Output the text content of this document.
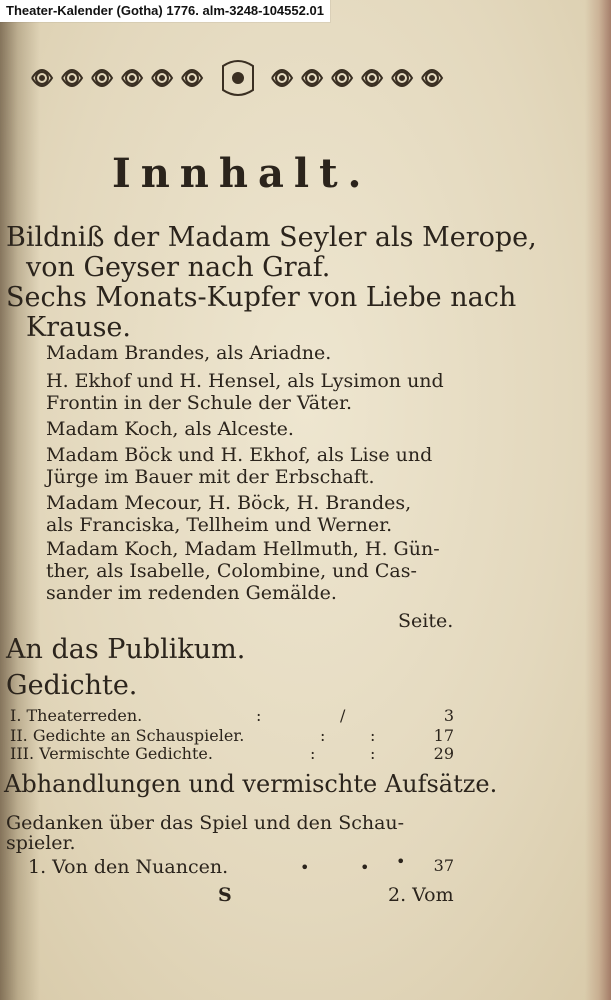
Theater-Kalender (Gotha) 1776. alm-3248-104552.01
Innhalt.
Bildniß der Madam Seyler als Merope,
von Geyser nach Graf.
Sechs Monats-Kupfer von Liebe nach
Krause.
Madam Brandes, als Ariadne.
H. Ekhof und H. Hensel, als Lysimon und
Frontin in der Schule der Väter.
Madam Koch, als Alceste.
Madam Böck und H. Ekhof, als Lise und
Jürge im Bauer mit der Erbschaft.
Madam Mecour, H. Böck, H. Brandes,
als Franciska, Tellheim und Werner.
Madam Koch, Madam Hellmuth, H. Gün-
ther, als Isabelle, Colombine, und Cas-
sander im redenden Gemälde.
Seite.
An das Publikum.
Gedichte.
I. Theaterreden.	:	/	3
II. Gedichte an Schauspieler.	:	:	17
III. Vermischte Gedichte.	:	:	29
Abhandlungen und vermischte Aufsätze.
Gedanken über das Spiel und den Schau-
spieler.
1. Von den Nuancen.	•	• •	37
S	2. Vom
